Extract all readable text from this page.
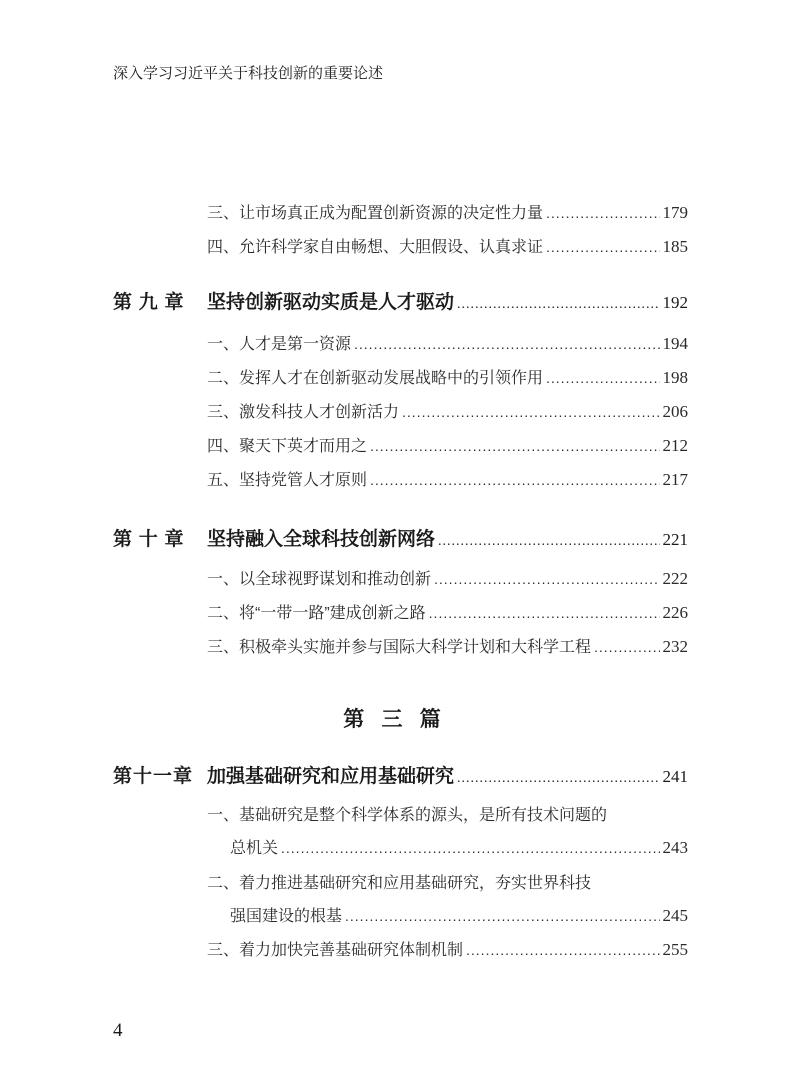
深入学习习近平关于科技创新的重要论述
三、让市场真正成为配置创新资源的决定性力量 .....	179
四、允许科学家自由畅想、大胆假设、认真求证 .....	185
第 九 章	坚持创新驱动实质是人才驱动 .....	192
一、人才是第一资源 .....	194
二、发挥人才在创新驱动发展战略中的引领作用 .....	198
三、激发科技人才创新活力 .....	206
四、聚天下英才而用之 .....	212
五、坚持党管人才原则 .....	217
第 十 章	坚持融入全球科技创新网络 .....	221
一、以全球视野谋划和推动创新 .....	222
二、将“一带一路”建成创新之路 .....	226
三、积极牵头实施并参与国际大科学计划和大科学工程 .....	232
第 三 篇
第十一章 加强基础研究和应用基础研究 .....	241
一、基础研究是整个科学体系的源头，是所有技术问题的
总机关 .....	243
二、着力推进基础研究和应用基础研究，夯实世界科技
强国建设的根基 .....	245
三、着力加快完善基础研究体制机制 .....	255
4
